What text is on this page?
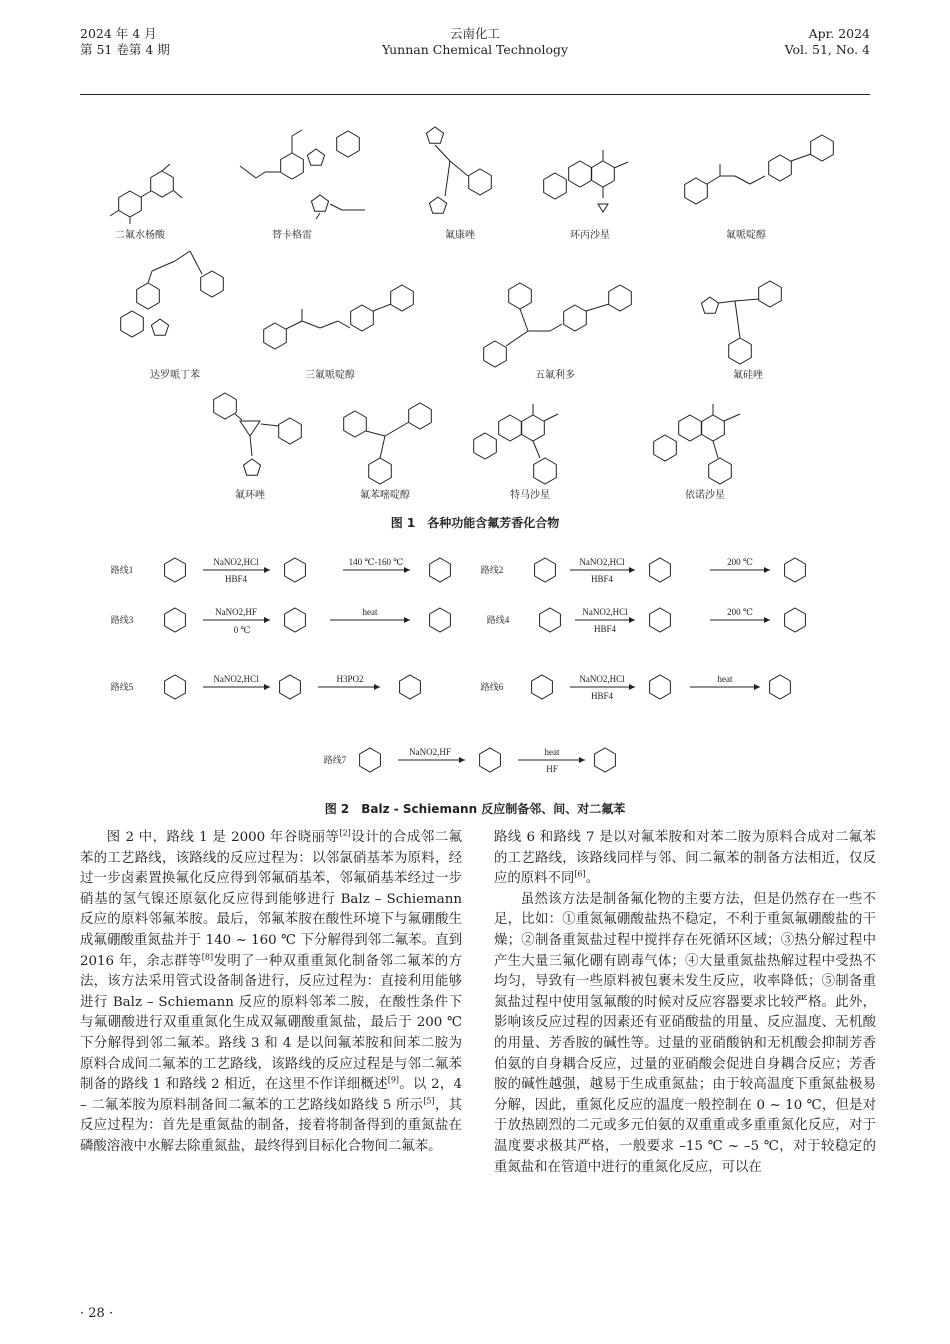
2024 年 4 月
第 51 卷第 4 期
云南化工
Yunnan Chemical Technology
Apr. 2024
Vol. 51, No. 4
二氟水杨酸	替卡格雷	氟康唑	环丙沙星	氟哌啶醇
达罗哌丁苯	三氟哌啶醇	五氟利多	氟硅唑
氟环唑	氟苯嘧啶醇	特马沙星	依诺沙星
图 1　各种功能含氟芳香化合物
路线1
NaNO2,HCl
HBF4
140 ℃-160 ℃
路线2
NaNO2,HCl
HBF4
200 ℃
路线3
NaNO2,HF
0 ℃
heat
路线4
NaNO2,HCl
HBF4
200 ℃
路线5
NaNO2,HCl	H3PO2
路线6
NaNO2,HCl
HBF4
heat
路线7
NaNO2,HF	heat
HF
图 2　Balz - Schiemann 反应制备邻、间、对二氟苯

图 2 中，路线 1 是 2000 年谷晓丽等[2]设计的合成邻二氟苯的工艺路线，该路线的反应过程为：以邻氯硝基苯为原料，经过一步卤素置换氟化反应得到邻氟硝基苯，邻氟硝基苯经过一步硝基的氢气镍还原氨化反应得到能够进行 Balz – Schiemann 反应的原料邻氟苯胺。最后，邻氟苯胺在酸性环境下与氟硼酸生成氟硼酸重氮盐并于 140 ~ 160 ℃ 下分解得到邻二氟苯。直到 2016 年，余志群等[8]发明了一种双重重氮化制备邻二氟苯的方法，该方法采用管式设备制备进行，反应过程为：直接利用能够进行 Balz – Schiemann 反应的原料邻苯二胺，在酸性条件下与氟硼酸进行双重重氮化生成双氟硼酸重氮盐，最后于 200 ℃ 下分解得到邻二氟苯。路线 3 和 4 是以间氟苯胺和间苯二胺为原料合成间二氟苯的工艺路线，该路线的反应过程是与邻二氟苯制备的路线 1 和路线 2 相近，在这里不作详细概述[9]。以 2，4 – 二氟苯胺为原料制备间二氟苯的工艺路线如路线 5 所示[5]，其反应过程为：首先是重氮盐的制备，接着将制备得到的重氮盐在磷酸溶液中水解去除重氮盐，最终得到目标化合物间二氟苯。

路线 6 和路线 7 是以对氟苯胺和对苯二胺为原料合成对二氟苯的工艺路线，该路线同样与邻、间二氟苯的制备方法相近，仅反应的原料不同[6]。

虽然该方法是制备氟化物的主要方法，但是仍然存在一些不足，比如：①重氮氟硼酸盐热不稳定，不利于重氮氟硼酸盐的干燥；②制备重氮盐过程中搅拌存在死循环区域；③热分解过程中产生大量三氟化硼有剧毒气体；④大量重氮盐热解过程中受热不均匀，导致有一些原料被包裹未发生反应，收率降低；⑤制备重氮盐过程中使用氢氟酸的时候对反应容器要求比较严格。此外，影响该反应过程的因素还有亚硝酸盐的用量、反应温度、无机酸的用量、芳香胺的碱性等。过量的亚硝酸钠和无机酸会抑制芳香伯氨的自身耦合反应，过量的亚硝酸会促进自身耦合反应；芳香胺的碱性越强，越易于生成重氮盐；由于较高温度下重氮盐极易分解，因此，重氮化反应的温度一般控制在 0 ~ 10 ℃，但是对于放热剧烈的二元或多元伯氨的双重重或多重重氮化反应，对于温度要求极其严格，一般要求 –15 ℃ ~ –5 ℃，对于较稳定的重氮盐和在管道中进行的重氮化反应，可以在

· 28 ·
